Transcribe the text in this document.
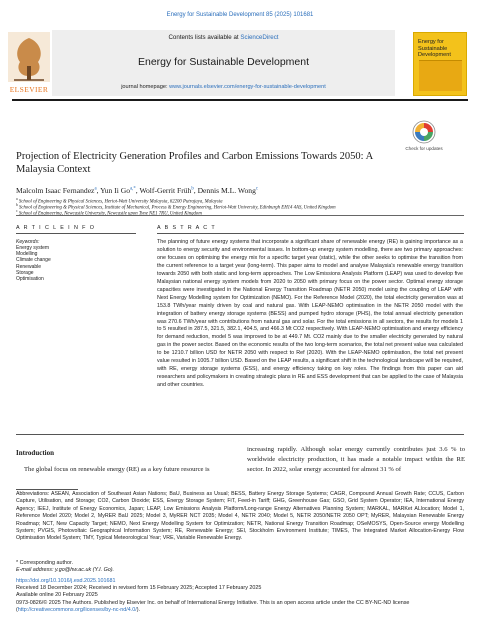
Energy for Sustainable Development 85 (2025) 101681
ELSEVIER
Contents lists available at ScienceDirect
Energy for Sustainable Development
journal homepage: www.journals.elsevier.com/energy-for-sustainable-development
Energy for Sustainable Development
Projection of Electricity Generation Profiles and Carbon Emissions Towards 2050: A Malaysia Context
Check for updates
Malcolm Isaac Fernandez$^a$, Yun Ii $Go^{a,*}$, Wolf-Gerrit Früh$^b$, Dennis M.L. Wong$^c$
$^a$ School of Engineering & Physical Sciences, Heriot-Watt University Malaysia, 62200 Putrajaya, Malaysia
$^b$ School of Engineering & Physical Sciences, Institute of Mechanical, Process & Energy Engineering, Heriot-Watt University, Edinburgh EH14 4AS, United Kingdom
$^c$
A R T I C L E I N F O
Keywords:
Energy system
Modelling
Climate change
Renewable
Storage
Optimisation
A B S T R A C T
The planning of future energy systems that incorporate a significant share of renewable energy (RE) is gaining importance as a solution to energy security and environmental issues. In bottom-up energy system modelling, there are two primary approaches: one focuses on optimising the energy mix for a specific target year (static), while the other seeks to optimise the transition from the current reference to a target year (long-term). This paper aims to model and analyse Malaysia's renewable energy transition towards 2050 with both static and long-term approaches. The Low Emissions Analysis Platform (LEAP) was used to develop five Malaysian national energy system models from 2020 to 2050 with primary focus on the power sector. Optimal energy storage capacities were investigated in the National Energy Transition Roadmap (NETR 2050) model using the coupling of LEAP with Next Energy Modelling system for Optimization (NEMO). For the Reference Model (2020), the total electricity generation was at 153.8 TWh/year mainly driven by coal and natural gas. With LEAP-NEMO optimisation in the NETR 2050 model with the integration of battery energy storage systems (BESS) and pumped hydro storage (PHS), the total annual electricity generation was 270.6 TWh/year with contributions from natural gas and solar. For the total emissions in all sectors, the results for models 1 to 5 resulted in 287.5, 321.5, 382.1, 404.5, and 466.3 Mt CO2 respectively. With LEAP-NEMO optimisation and energy efficiency for demand reduction, model 5 was improved to be at 449.7 Mt. CO2 mainly due to the smaller electricity generated by natural gas in the power sector. Based on the economic results of the two long-term scenarios, the total net present value was calculated to be 1210.7 billion USD for NETR 2050 with respect to Ref (2020). With the LEAP-NEMO optimisation, the total net present value resulted in 1005.7 billion USD. Based on the LEAP results, a significant shift in the technological landscape will be required, with RE, energy storage systems (ESS), and energy efficiency taking on key roles. The findings from this paper can aid researchers and policymakers in creating strategic plans in RE and ESS development that can be applied to the case of Malaysia and other countries.
Introduction
The global focus on renewable energy (RE) as a key future resource is
increasing rapidly. Although solar energy currently contributes just 3.6 % to worldwide electricity production, it has made a notable impact within the RE sector. In 2022, solar energy accounted for almost 31 % of
Abbreviations: ASEAN, Association of Southeast Asian Nations; BaU, Business as Usual; BESS, Battery Energy Storage Systems; CAGR, Compound Annual Growth Rate; CCUS, Carbon Capture, Utilisation, and Storage; CO2, Carbon Dioxide; ESS, Energy Storage System; FiT, Feed-in Tariff; GHG, Greenhouse Gas; GSO, Grid System Operator; IEA, International Energy Agency; IEEJ, Institute of Energy Economics, Japan; LEAP, Low Emissions Analysis Platform/Long-range Energy Alternatives Planning System; MARKAL, MARKet ALlocation; Model 1, Reference Model 2020; Model 2, MyRER BaU 2025; Model 3, MyRER NCT 2035; Model 4, NETR 2040; Model 5, NETR 2050/NETR 2050 OPT; MyRER, Malaysian Renewable Energy Roadmap; NCT, New Capacity Target; NEMO, Next Energy Modelling System for Optimization; NETR, National Energy Transition Roadmap; OSeMOSYS, Open-Source energy Modelling System; PVGIS, Photovoltaic Geographical Information System; RE, Renewable Energy; SEI, Stockholm Environment Institute; TIMES, The Integrated Market Allocation-Energy Flow Optimisation Model System; TMY, Typical Meteorological Year; VRE, Variable Renewable Energy.
* Corresponding author.
E-mail address: y.go@hw.ac.uk (Y.I. Go).
https://doi.org/10.1016/j.esd.2025.101681
Received 18 December 2024; Received in revised form 15 February 2025; Accepted 17 February 2025
Available online 20 February 2025
0973-0826/© 2025 The Authors. Published by Elsevier Inc. on behalf of International Energy Initiative. This is an open access article under the CC BY-NC-ND license (http://creativecommons.org/licenses/by-nc-nd/4.0/).
